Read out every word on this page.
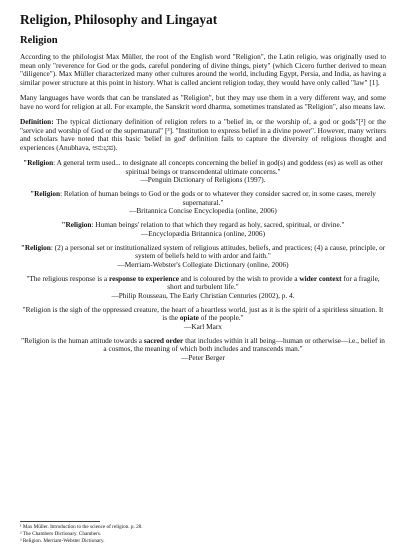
Religion, Philosophy and Lingayat
Religion

According to the philologist Max Müller, the root of the English word "Religion", the Latin religio, was originally used to mean only "reverence for God or the gods, careful pondering of divine things, piety" (which Cicero further derived to mean "diligence"). Max Müller characterized many other cultures around the world, including Egypt, Persia, and India, as having a similar power structure at this point in history. What is called ancient religion today, they would have only called "law" [1].

Many languages have words that can be translated as "Religion", but they may use them in a very different way, and some have no word for religion at all. For example, the Sanskrit word dharma, sometimes translated as "Religion", also means law.

Definition: The typical dictionary definition of religion refers to a "belief in, or the worship of, a god or gods"[²] or the "service and worship of God or the supernatural" [³]. "Institution to express belief in a divine power". However, many writers and scholars have noted that this basic 'belief in god' definition fails to capture the diversity of religious thought and experiences (Anubhava, ಅನುಭವ).

"Religion: A general term used... to designate all concepts concerning the belief in god(s) and goddess (es) as well as other spiritual beings or transcendental ultimate concerns."
—Penguin Dictionary of Religions (1997).
"Religion: Relation of human beings to God or the gods or to whatever they consider sacred or, in some cases, merely supernatural."
—Britannica Concise Encyclopedia (online, 2006)
"Religion: Human beings' relation to that which they regard as holy, sacred, spiritual, or divine."
—Encyclopædia Britannica (online, 2006)
"Religion: (2) a personal set or institutionalized system of religious attitudes, beliefs, and practices; (4) a cause, principle, or system of beliefs held to with ardor and faith."
—Merriam-Webster's Collegiate Dictionary (online, 2006)
"The religious response is a response to experience and is coloured by the wish to provide a wider context for a fragile, short and turbulent life."
—Philip Rousseau, The Early Christian Centuries (2002), p. 4.
"Religion is the sigh of the oppressed creature, the heart of a heartless world, just as it is the spirit of a spiritless situation. It is the opiate of the people."
—Karl Marx
"Religion is the human attitude towards a sacred order that includes within it all being—human or otherwise—i.e., belief in a cosmos, the meaning of which both includes and transcends man."
—Peter Berger

¹ Max Müller. Introduction to the science of religion. p. 28.

² The Chambers Dictionary. Chambers.

³ Religion. Merriam-Webster Dictionary.
